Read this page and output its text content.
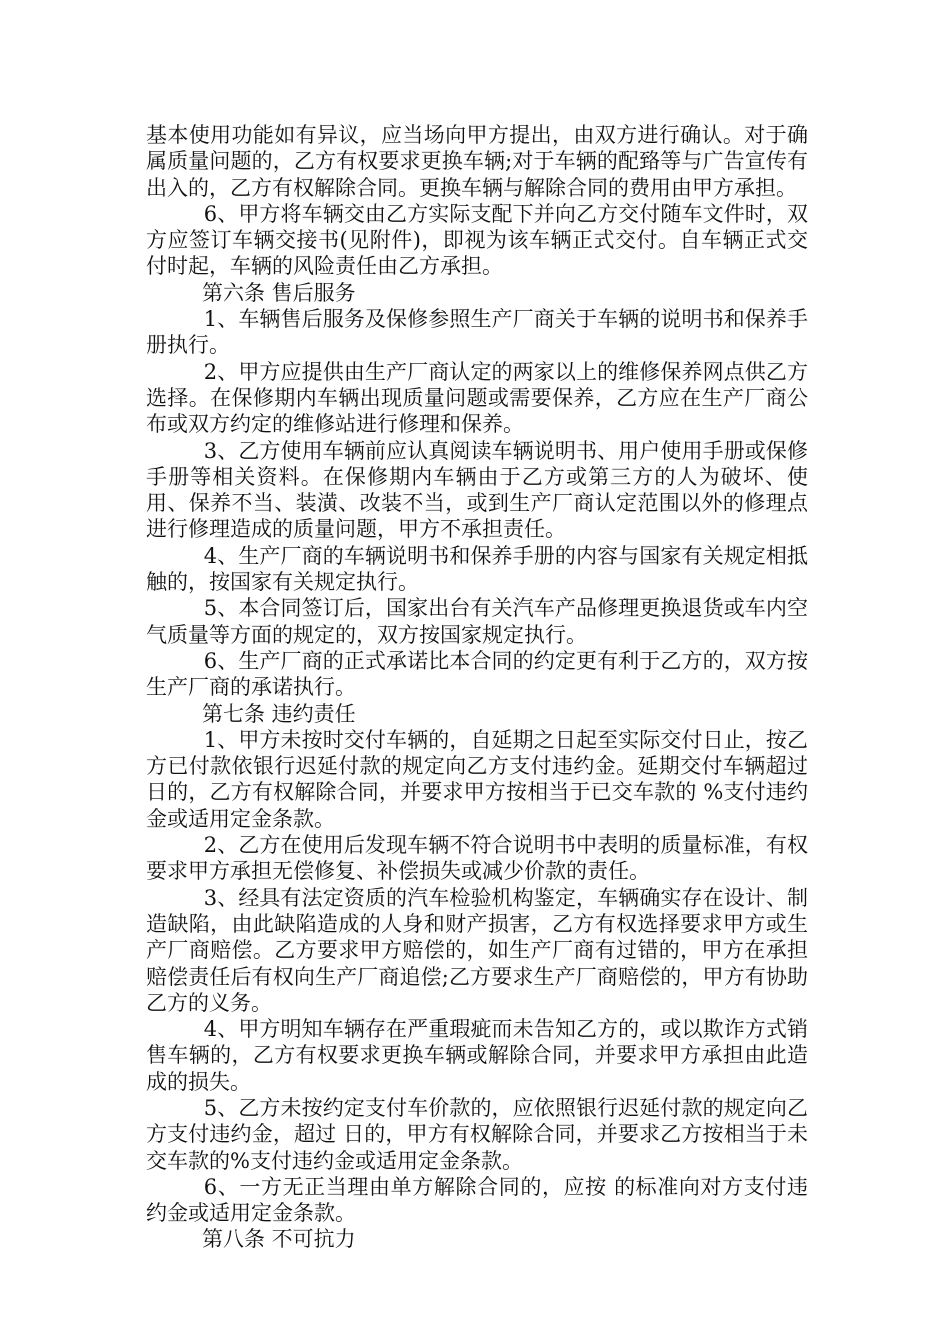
基本使用功能如有异议，应当场向甲方提出，由双方进行确认。对于确属质量问题的，乙方有权要求更换车辆;对于车辆的配臵等与广告宣传有出入的，乙方有权解除合同。更换车辆与解除合同的费用由甲方承担。

6、甲方将车辆交由乙方实际支配下并向乙方交付随车文件时，双方应签订车辆交接书(见附件)，即视为该车辆正式交付。自车辆正式交付时起，车辆的风险责任由乙方承担。

第六条 售后服务

1、车辆售后服务及保修参照生产厂商关于车辆的说明书和保养手册执行。

2、甲方应提供由生产厂商认定的两家以上的维修保养网点供乙方选择。在保修期内车辆出现质量问题或需要保养，乙方应在生产厂商公布或双方约定的维修站进行修理和保养。

3、乙方使用车辆前应认真阅读车辆说明书、用户使用手册或保修手册等相关资料。在保修期内车辆由于乙方或第三方的人为破坏、使用、保养不当、装潢、改装不当，或到生产厂商认定范围以外的修理点进行修理造成的质量问题，甲方不承担责任。

4、生产厂商的车辆说明书和保养手册的内容与国家有关规定相抵触的，按国家有关规定执行。

5、本合同签订后，国家出台有关汽车产品修理更换退货或车内空气质量等方面的规定的，双方按国家规定执行。

6、生产厂商的正式承诺比本合同的约定更有利于乙方的，双方按生产厂商的承诺执行。

第七条 违约责任

1、甲方未按时交付车辆的，自延期之日起至实际交付日止，按乙方已付款依银行迟延付款的规定向乙方支付违约金。延期交付车辆超过日的，乙方有权解除合同，并要求甲方按相当于已交车款的 %支付违约金或适用定金条款。

2、乙方在使用后发现车辆不符合说明书中表明的质量标准，有权要求甲方承担无偿修复、补偿损失或减少价款的责任。

3、经具有法定资质的汽车检验机构鉴定，车辆确实存在设计、制造缺陷，由此缺陷造成的人身和财产损害，乙方有权选择要求甲方或生产厂商赔偿。乙方要求甲方赔偿的，如生产厂商有过错的，甲方在承担赔偿责任后有权向生产厂商追偿;乙方要求生产厂商赔偿的，甲方有协助乙方的义务。

4、甲方明知车辆存在严重瑕疵而未告知乙方的，或以欺诈方式销售车辆的，乙方有权要求更换车辆或解除合同，并要求甲方承担由此造成的损失。

5、乙方未按约定支付车价款的，应依照银行迟延付款的规定向乙方支付违约金，超过 日的，甲方有权解除合同，并要求乙方按相当于未交车款的%支付违约金或适用定金条款。

6、一方无正当理由单方解除合同的，应按 的标准向对方支付违约金或适用定金条款。

第八条 不可抗力
